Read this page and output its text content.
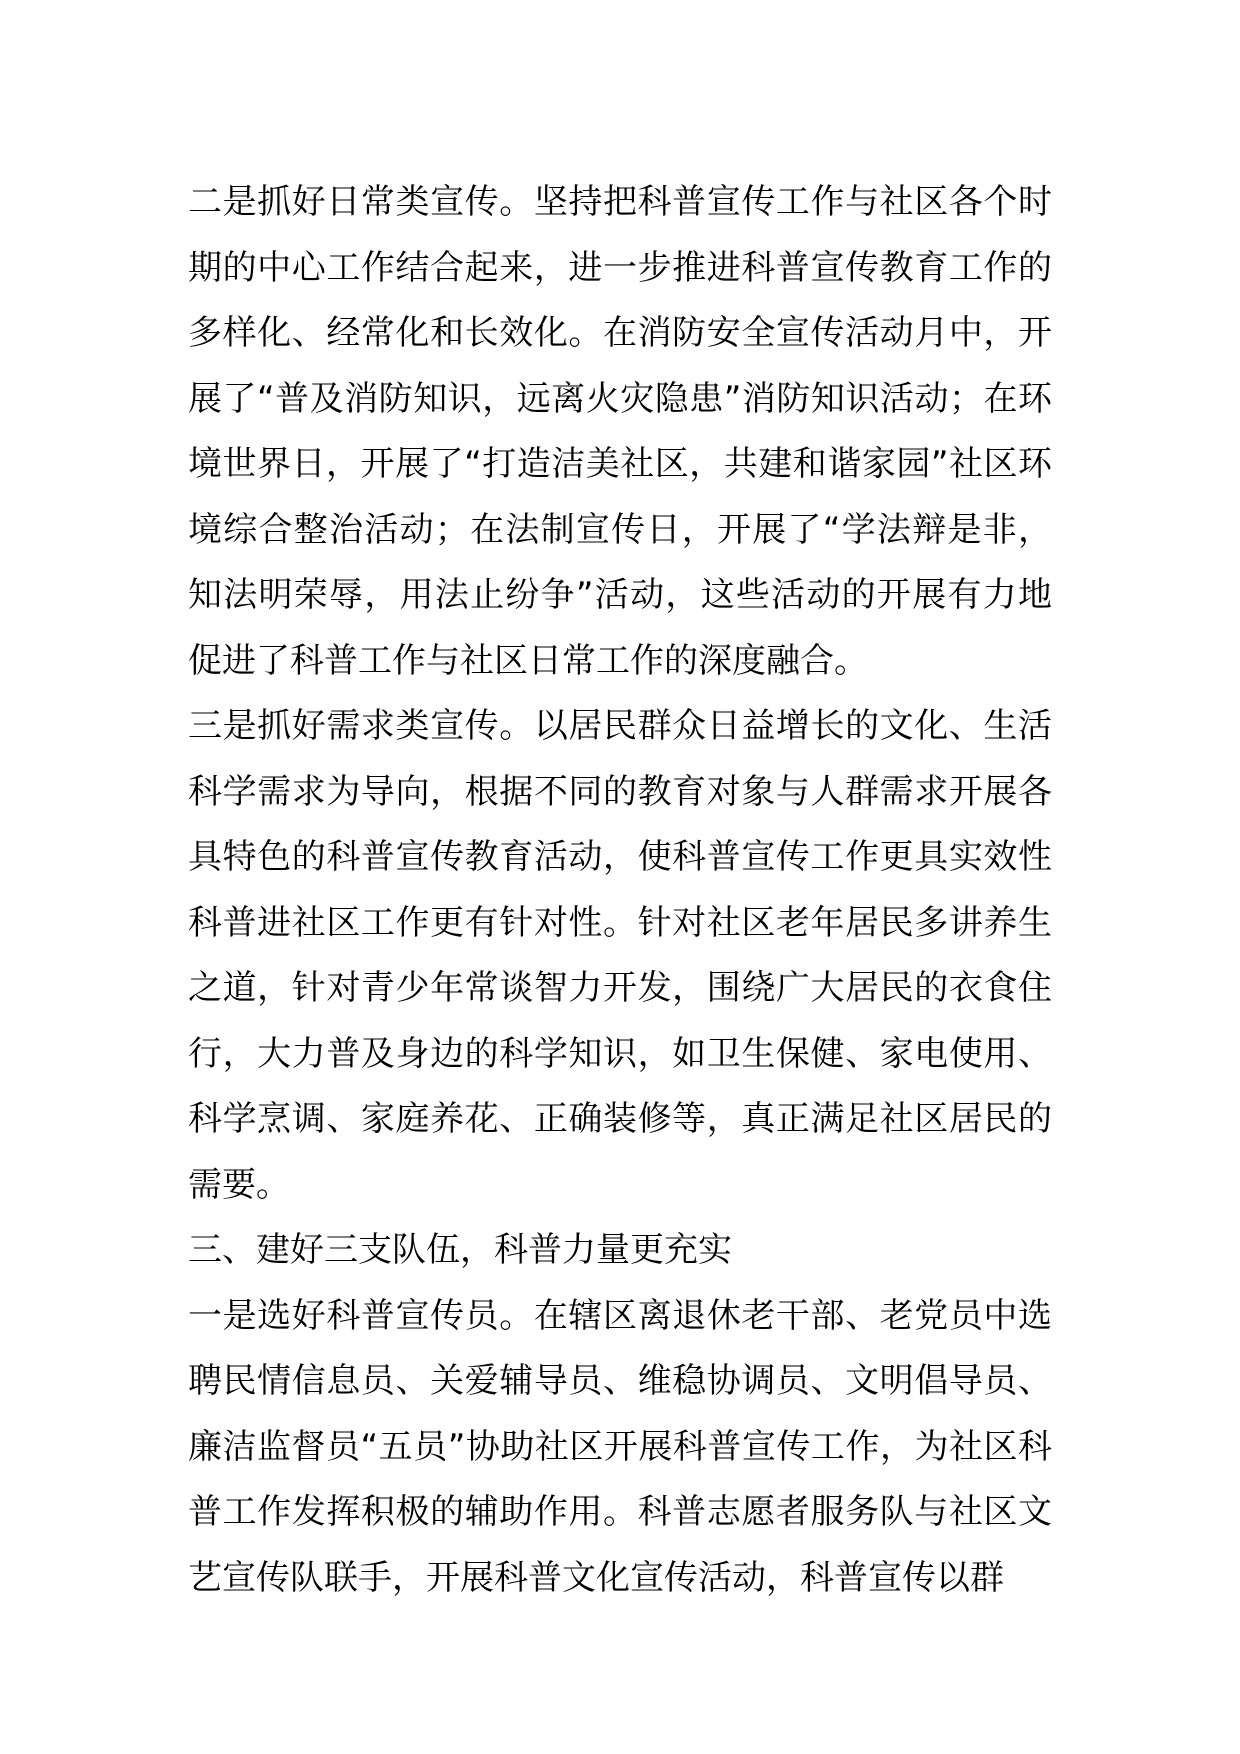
二是抓好日常类宣传。坚持把科普宣传工作与社区各个时期的中心工作结合起来，进一步推进科普宣传教育工作的多样化、经常化和长效化。在消防安全宣传活动月中，开展了“普及消防知识，远离火灾隐患”消防知识活动；在环境世界日，开展了“打造洁美社区，共建和谐家园”社区环境综合整治活动；在法制宣传日，开展了“学法辩是非，知法明荣辱，用法止纷争”活动，这些活动的开展有力地促进了科普工作与社区日常工作的深度融合。

三是抓好需求类宣传。以居民群众日益增长的文化、生活科学需求为导向，根据不同的教育对象与人群需求开展各具特色的科普宣传教育活动，使科普宣传工作更具实效性科普进社区工作更有针对性。针对社区老年居民多讲养生之道，针对青少年常谈智力开发，围绕广大居民的衣食住行，大力普及身边的科学知识，如卫生保健、家电使用、科学烹调、家庭养花、正确装修等，真正满足社区居民的需要。

三、建好三支队伍，科普力量更充实

一是选好科普宣传员。在辖区离退休老干部、老党员中选聘民情信息员、关爱辅导员、维稳协调员、文明倡导员、廉洁监督员“五员”协助社区开展科普宣传工作，为社区科普工作发挥积极的辅助作用。科普志愿者服务队与社区文艺宣传队联手，开展科普文化宣传活动，科普宣传以群
